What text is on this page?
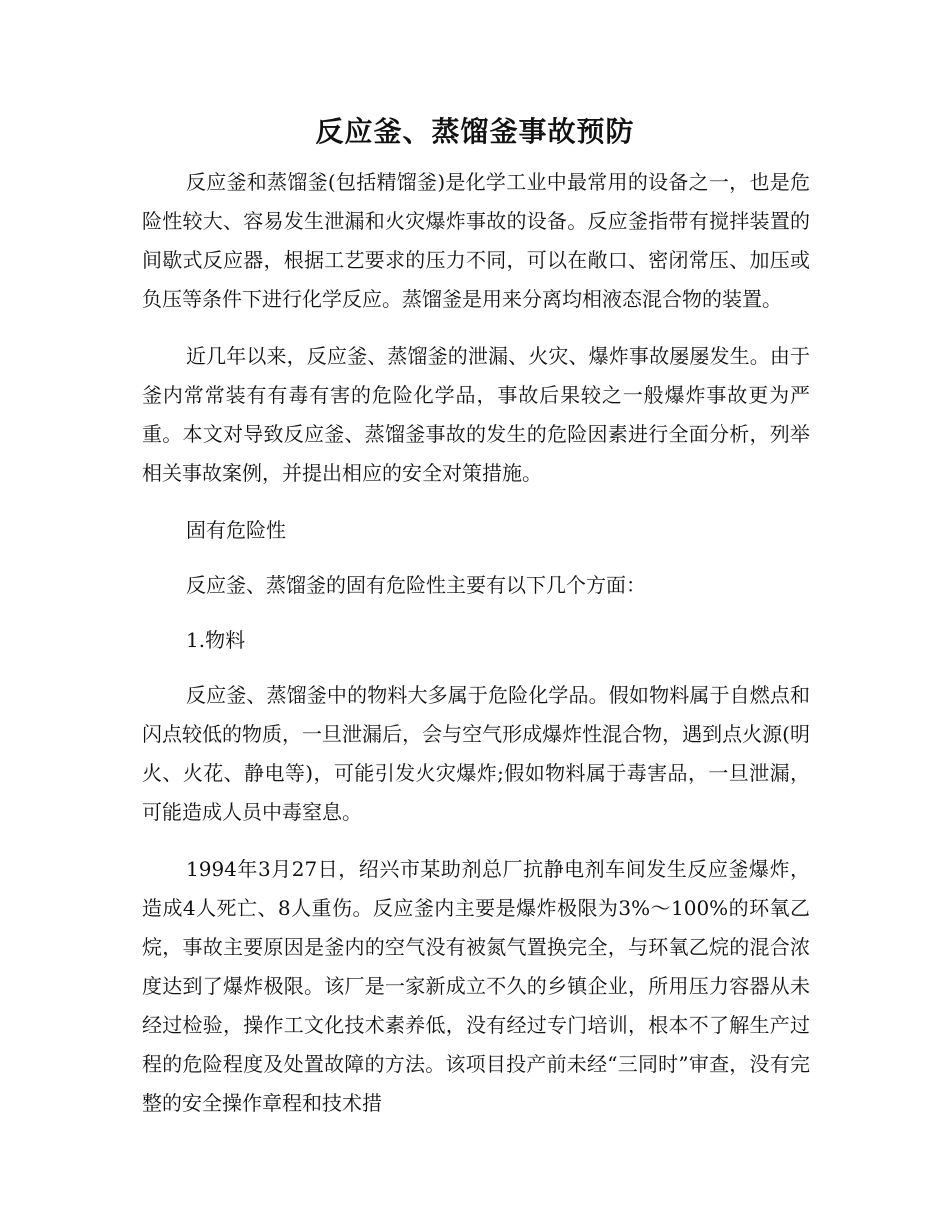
反应釜、蒸馏釜事故预防

反应釜和蒸馏釜(包括精馏釜)是化学工业中最常用的设备之一，也是危险性较大、容易发生泄漏和火灾爆炸事故的设备。反应釜指带有搅拌装置的间歇式反应器，根据工艺要求的压力不同，可以在敞口、密闭常压、加压或负压等条件下进行化学反应。蒸馏釜是用来分离均相液态混合物的装置。

近几年以来，反应釜、蒸馏釜的泄漏、火灾、爆炸事故屡屡发生。由于釜内常常装有有毒有害的危险化学品，事故后果较之一般爆炸事故更为严重。本文对导致反应釜、蒸馏釜事故的发生的危险因素进行全面分析，列举相关事故案例，并提出相应的安全对策措施。

固有危险性

反应釜、蒸馏釜的固有危险性主要有以下几个方面：

1.物料

反应釜、蒸馏釜中的物料大多属于危险化学品。假如物料属于自燃点和闪点较低的物质，一旦泄漏后，会与空气形成爆炸性混合物，遇到点火源(明火、火花、静电等)，可能引发火灾爆炸;假如物料属于毒害品，一旦泄漏，可能造成人员中毒窒息。

1994年3月27日，绍兴市某助剂总厂抗静电剂车间发生反应釜爆炸，造成4人死亡、8人重伤。反应釜内主要是爆炸极限为3%～100%的环氧乙烷，事故主要原因是釜内的空气没有被氮气置换完全，与环氧乙烷的混合浓度达到了爆炸极限。该厂是一家新成立不久的乡镇企业，所用压力容器从未经过检验，操作工文化技术素养低，没有经过专门培训，根本不了解生产过程的危险程度及处置故障的方法。该项目投产前未经“三同时”审查，没有完整的安全操作章程和技术措
